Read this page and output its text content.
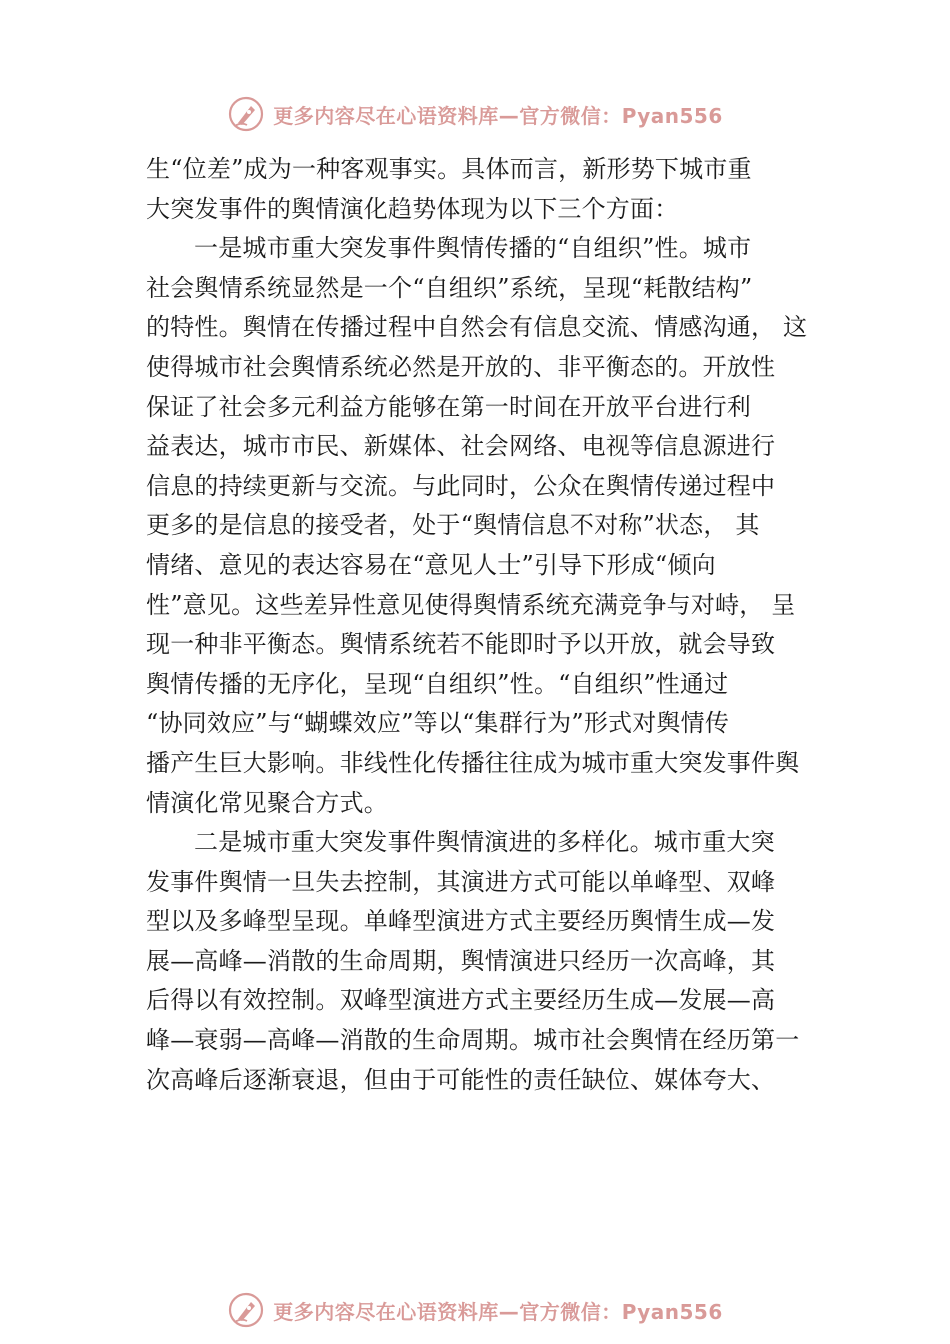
更多内容尽在心语资料库—官方微信：Pyan556
生“位差”成为一种客观事实。具体而言，新形势下城市重
大突发事件的舆情演化趋势体现为以下三个方面：
一是城市重大突发事件舆情传播的“自组织”性。城市
社会舆情系统显然是一个“自组织”系统，呈现“耗散结构”
的特性。舆情在传播过程中自然会有信息交流、情感沟通， 这
使得城市社会舆情系统必然是开放的、非平衡态的。开放性
保证了社会多元利益方能够在第一时间在开放平台进行利
益表达，城市市民、新媒体、社会网络、电视等信息源进行
信息的持续更新与交流。与此同时，公众在舆情传递过程中
更多的是信息的接受者，处于“舆情信息不对称”状态， 其
情绪、意见的表达容易在“意见人士”引导下形成“倾向
性”意见。这些差异性意见使得舆情系统充满竞争与对峙， 呈
现一种非平衡态。舆情系统若不能即时予以开放，就会导致
舆情传播的无序化，呈现“自组织”性。“自组织”性通过
“协同效应”与“蝴蝶效应”等以“集群行为”形式对舆情传
播产生巨大影响。非线性化传播往往成为城市重大突发事件舆
情演化常见聚合方式。
二是城市重大突发事件舆情演进的多样化。城市重大突
发事件舆情一旦失去控制，其演进方式可能以单峰型、双峰
型以及多峰型呈现。单峰型演进方式主要经历舆情生成—发
展—高峰—消散的生命周期，舆情演进只经历一次高峰，其
后得以有效控制。双峰型演进方式主要经历生成—发展—高
峰—衰弱—高峰—消散的生命周期。城市社会舆情在经历第一
次高峰后逐渐衰退，但由于可能性的责任缺位、媒体夸大、
更多内容尽在心语资料库—官方微信：Pyan556
